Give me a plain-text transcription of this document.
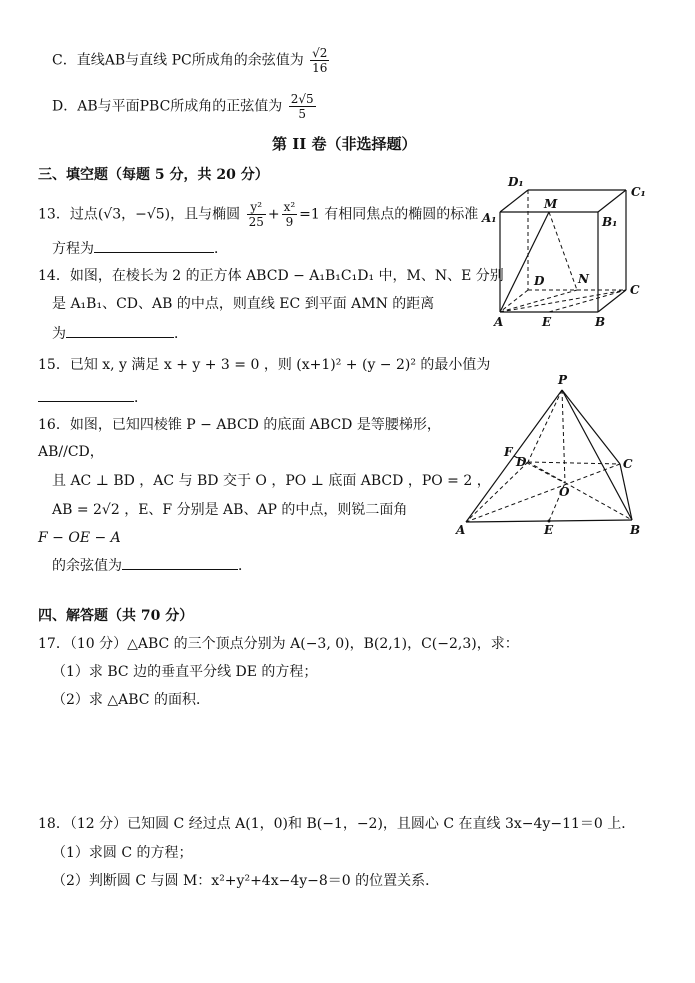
C．直线AB与直线 PC所成角的余弦值为 $\frac{√2}{16}$
D．AB与平面PBC所成角的正弦值为 $\frac{2√5}{5}$
第 II 卷（非选择题）
三、填空题（每题 5 分，共 20 分）
13．过点(√3，−√5)，且与椭圆 $\frac{\text{y²}}{25} + \frac{\text{x²}}{9} =1$ 有相同焦点的椭圆的标准
方程为	．
14．如图，在棱长为 2 的正方体 ABCD − A₁B₁C₁D₁ 中，M、N、E 分别
是 A₁B₁、CD、AB 的中点，则直线 EC 到平面 AMN 的距离
为	．
15．已知 x, y 满足 x + y + 3 = 0 ，则 (x+1)² + (y − 2)² 的最小值为
．
16．如图，已知四棱锥 P − ABCD 的底面 ABCD 是等腰梯形，
AB//CD，
且 AC ⊥ BD ，AC 与 BD 交于 O ，PO ⊥ 底面 ABCD ，PO = 2 ，
AB = 2√2 ，E、F 分别是 AB、AP 的中点，则锐二面角
F − OE − A
的余弦值为	．
四、解答题（共 70 分）
17．（10 分）△ABC 的三个顶点分别为 A(−3, 0)，B(2,1)，C(−2,3)，求：
（1）求 BC 边的垂直平分线 DE 的方程；
（2）求 △ABC 的面积．
18．（12 分）已知圆 C 经过点 A(1，0)和 B(−1，−2)，且圆心 C 在直线 3x−4y−11＝0 上．
（1）求圆 C 的方程；
（2）判断圆 C 与圆 M：x²+y²+4x−4y−8＝0 的位置关系．
D₁
C₁
A₁	B₁
M
D	N
C
A	E	B
P
F
D	C
O
A	E	B
